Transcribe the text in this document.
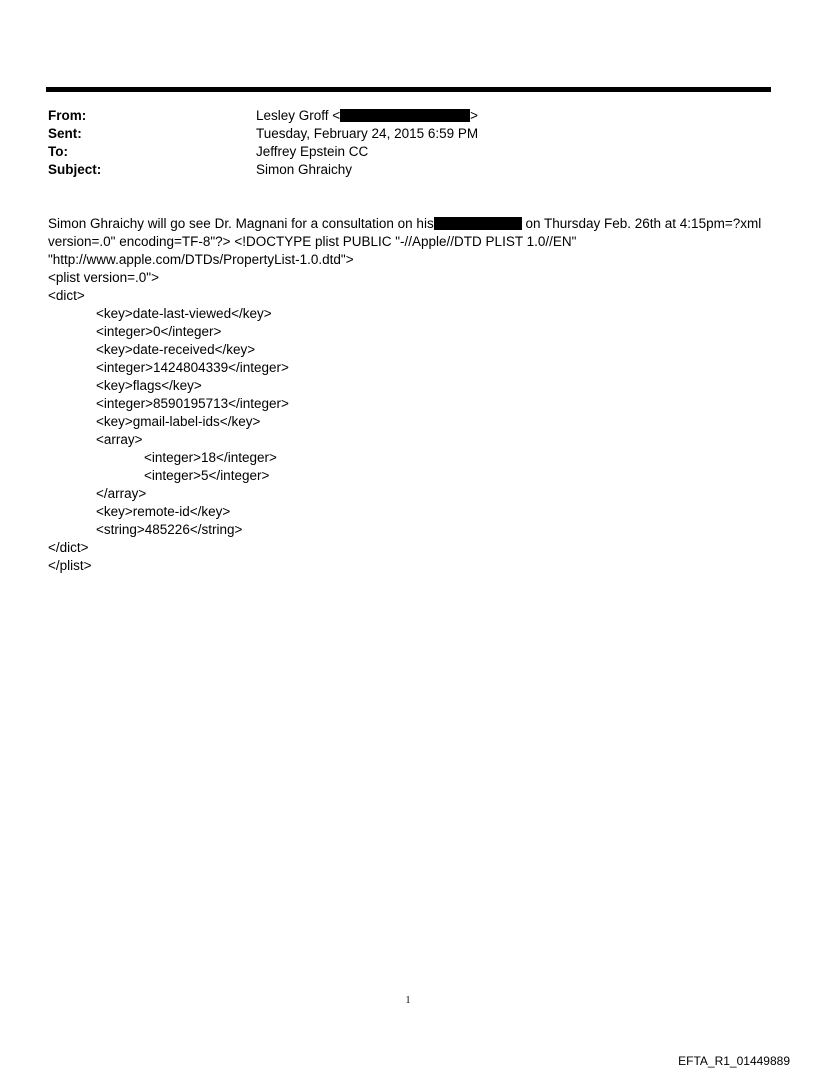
From:	Lesley Groff <	>
Sent:	Tuesday, February 24, 2015 6:59 PM
To:	Jeffrey Epstein CC
Subject:	Simon Ghraichy
Simon Ghraichy will go see Dr. Magnani for a consultation on his	on Thursday Feb. 26th at 4:15pm=?xml
version=.0" encoding=TF-8"?> <!DOCTYPE plist PUBLIC "-//Apple//DTD PLIST 1.0//EN"
"http://www.apple.com/DTDs/PropertyList-1.0.dtd">
<plist version=.0">
<dict>
<key>date-last-viewed</key>
<integer>0</integer>
<key>date-received</key>
<integer>1424804339</integer>
<key>flags</key>
<integer>8590195713</integer>
<key>gmail-label-ids</key>
<array>
<integer>18</integer>
<integer>5</integer>
</array>
<key>remote-id</key>
<string>485226</string>
</dict>
</plist>
1
EFTA_R1_01449889
